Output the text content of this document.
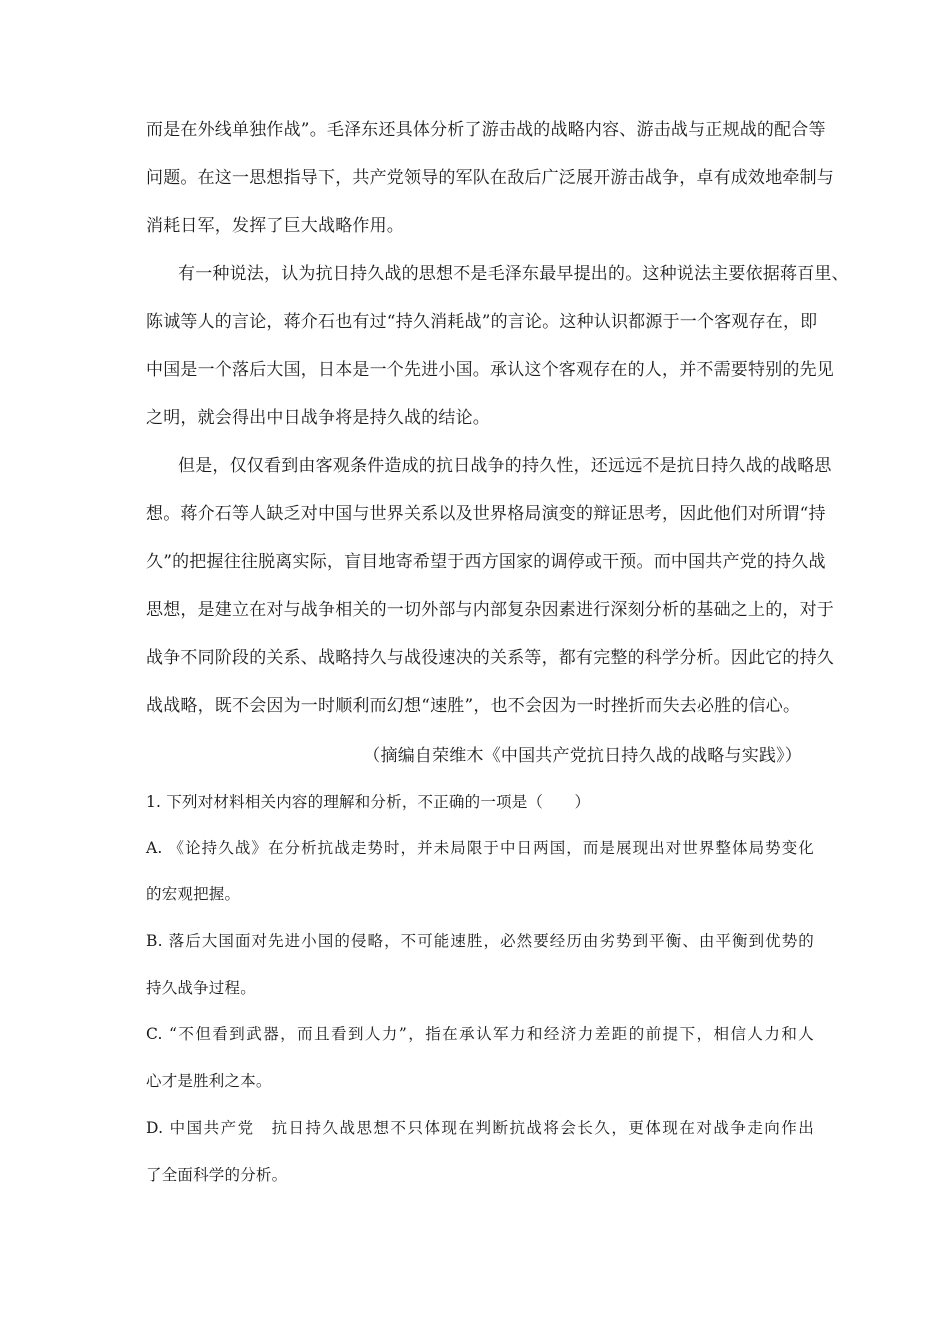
而是在外线单独作战”。毛泽东还具体分析了游击战的战略内容、游击战与正规战的配合等
问题。在这一思想指导下，共产党领导的军队在敌后广泛展开游击战争，卓有成效地牵制与
消耗日军，发挥了巨大战略作用。
有一种说法，认为抗日持久战的思想不是毛泽东最早提出的。这种说法主要依据蒋百里、
陈诚等人的言论，蒋介石也有过“持久消耗战”的言论。这种认识都源于一个客观存在，即
中国是一个落后大国，日本是一个先进小国。承认这个客观存在的人，并不需要特别的先见
之明，就会得出中日战争将是持久战的结论。
但是，仅仅看到由客观条件造成的抗日战争的持久性，还远远不是抗日持久战的战略思
想。蒋介石等人缺乏对中国与世界关系以及世界格局演变的辩证思考，因此他们对所谓“持
久”的把握往往脱离实际，盲目地寄希望于西方国家的调停或干预。而中国共产党的持久战
思想，是建立在对与战争相关的一切外部与内部复杂因素进行深刻分析的基础之上的，对于
战争不同阶段的关系、战略持久与战役速决的关系等，都有完整的科学分析。因此它的持久
战战略，既不会因为一时顺利而幻想“速胜”，也不会因为一时挫折而失去必胜的信心。
（摘编自荣维木《中国共产党抗日持久战的战略与实践》）
1. 下列对材料相关内容的理解和分析，不正确的一项是（　　）
A. 《论持久战》在分析抗战走势时，并未局限于中日两国，而是展现出对世界整体局势变化
的宏观把握。
B. 落后大国面对先进小国的侵略，不可能速胜，必然要经历由劣势到平衡、由平衡到优势的
持久战争过程。
C. “不但看到武器，而且看到人力”，指在承认军力和经济力差距的前提下，相信人力和人
心才是胜利之本。
D. 中国共产党　抗日持久战思想不只体现在判断抗战将会长久，更体现在对战争走向作出
了全面科学的分析。
